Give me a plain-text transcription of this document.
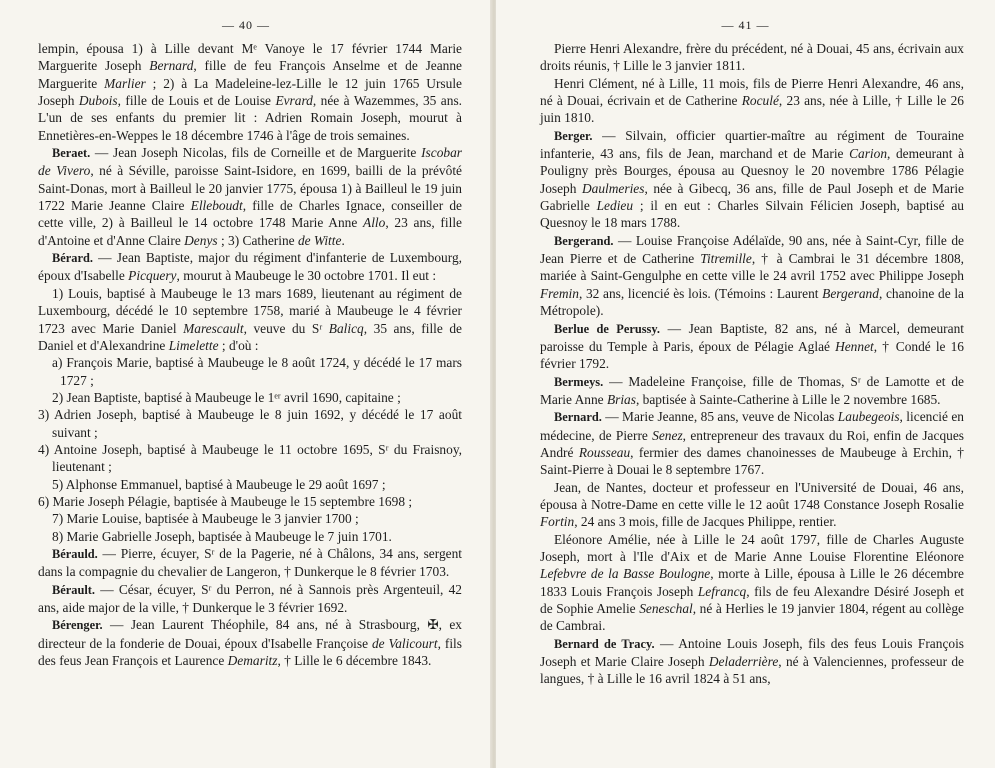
— 40 —

lempin, épousa 1) à Lille devant Mᵉ Vanoye le 17 février 1744 Marie Marguerite Joseph Bernard, fille de feu François Anselme et de Jeanne Marguerite Marlier ; 2) à La Madeleine-lez-Lille le 12 juin 1765 Ursule Joseph Dubois, fille de Louis et de Louise Evrard, née à Wazemmes, 35 ans. L'un de ses enfants du premier lit : Adrien Romain Joseph, mourut à Ennetières-en-Weppes le 18 décembre 1746 à l'âge de trois semaines.

Beraet. — Jean Joseph Nicolas, fils de Corneille et de Marguerite Iscobar de Vivero, né à Séville, paroisse Saint-Isidore, en 1699, bailli de la prévôté Saint-Donas, mort à Bailleul le 20 janvier 1775, épousa 1) à Bailleul le 19 juin 1722 Marie Jeanne Claire Elleboudt, fille de Charles Ignace, conseiller de cette ville, 2) à Bailleul le 14 octobre 1748 Marie Anne Allo, 23 ans, fille d'Antoine et d'Anne Claire Denys ; 3) Catherine de Witte.

Bérard. — Jean Baptiste, major du régiment d'infanterie de Luxembourg, époux d'Isabelle Picquery, mourut à Maubeuge le 30 octobre 1701. Il eut :

1) Louis, baptisé à Maubeuge le 13 mars 1689, lieutenant au régiment de Luxembourg, décédé le 10 septembre 1758, marié à Maubeuge le 4 février 1723 avec Marie Daniel Marescault, veuve du Sʳ Balicq, 35 ans, fille de Daniel et d'Alexandrine Limelette ; d'où :

a) François Marie, baptisé à Maubeuge le 8 août 1724, y décédé le 17 mars 1727 ;

2) Jean Baptiste, baptisé à Maubeuge le 1ᵉʳ avril 1690, capitaine ;

3) Adrien Joseph, baptisé à Maubeuge le 8 juin 1692, y décédé le 17 août suivant ;

4) Antoine Joseph, baptisé à Maubeuge le 11 octobre 1695, Sʳ du Fraisnoy, lieutenant ;

5) Alphonse Emmanuel, baptisé à Maubeuge le 29 août 1697 ;

6) Marie Joseph Pélagie, baptisée à Maubeuge le 15 septembre 1698 ;

7) Marie Louise, baptisée à Maubeuge le 3 janvier 1700 ;

8) Marie Gabrielle Joseph, baptisée à Maubeuge le 7 juin 1701.

Bérauld. — Pierre, écuyer, Sʳ de la Pagerie, né à Châlons, 34 ans, sergent dans la compagnie du chevalier de Langeron, † Dunkerque le 8 février 1703.

Bérault. — César, écuyer, Sʳ du Perron, né à Sannois près Argenteuil, 42 ans, aide major de la ville, † Dunkerque le 3 février 1692.

Bérenger. — Jean Laurent Théophile, 84 ans, né à Strasbourg, ✠, ex directeur de la fonderie de Douai, époux d'Isabelle Françoise de Valicourt, fils des feus Jean François et Laurence Demaritz, † Lille le 6 décembre 1843.

— 41 —

Pierre Henri Alexandre, frère du précédent, né à Douai, 45 ans, écrivain aux droits réunis, † Lille le 3 janvier 1811.

Henri Clément, né à Lille, 11 mois, fils de Pierre Henri Alexandre, 46 ans, né à Douai, écrivain et de Catherine Roculé, 23 ans, née à Lille, † Lille le 26 juin 1810.

Berger. — Silvain, officier quartier-maître au régiment de Touraine infanterie, 43 ans, fils de Jean, marchand et de Marie Carion, demeurant à Pouligny près Bourges, épousa au Quesnoy le 20 novembre 1786 Pélagie Joseph Daulmeries, née à Gibecq, 36 ans, fille de Paul Joseph et de Marie Gabrielle Ledieu ; il en eut : Charles Silvain Félicien Joseph, baptisé au Quesnoy le 18 mars 1788.

Bergerand. — Louise Françoise Adélaïde, 90 ans, née à Saint-Cyr, fille de Jean Pierre et de Catherine Titremille, † à Cambrai le 31 décembre 1808, mariée à Saint-Gengulphe en cette ville le 24 avril 1752 avec Philippe Joseph Fremin, 32 ans, licencié ès lois. (Témoins : Laurent Bergerand, chanoine de la Métropole).

Berlue de Perussy. — Jean Baptiste, 82 ans, né à Marcel, demeurant paroisse du Temple à Paris, époux de Pélagie Aglaé Hennet, † Condé le 16 février 1792.

Bermeys. — Madeleine Françoise, fille de Thomas, Sʳ de Lamotte et de Marie Anne Brias, baptisée à Sainte-Catherine à Lille le 2 novembre 1685.

Bernard. — Marie Jeanne, 85 ans, veuve de Nicolas Laubegeois, licencié en médecine, de Pierre Senez, entrepreneur des travaux du Roi, enfin de Jacques André Rousseau, fermier des dames chanoinesses de Maubeuge à Erchin, † Saint-Pierre à Douai le 8 septembre 1767.

Jean, de Nantes, docteur et professeur en l'Université de Douai, 46 ans, épousa à Notre-Dame en cette ville le 12 août 1748 Constance Joseph Rosalie Fortin, 24 ans 3 mois, fille de Jacques Philippe, rentier.

Eléonore Amélie, née à Lille le 24 août 1797, fille de Charles Auguste Joseph, mort à l'Ile d'Aix et de Marie Anne Louise Florentine Eléonore Lefebvre de la Basse Boulogne, morte à Lille, épousa à Lille le 26 décembre 1833 Louis François Joseph Lefrancq, fils de feu Alexandre Désiré Joseph et de Sophie Amelie Seneschal, né à Herlies le 19 janvier 1804, régent au collège de Cambrai.

Bernard de Tracy. — Antoine Louis Joseph, fils des feus Louis François Joseph et Marie Claire Joseph Deladerrière, né à Valenciennes, professeur de langues, † à Lille le 16 avril 1824 à 51 ans,
